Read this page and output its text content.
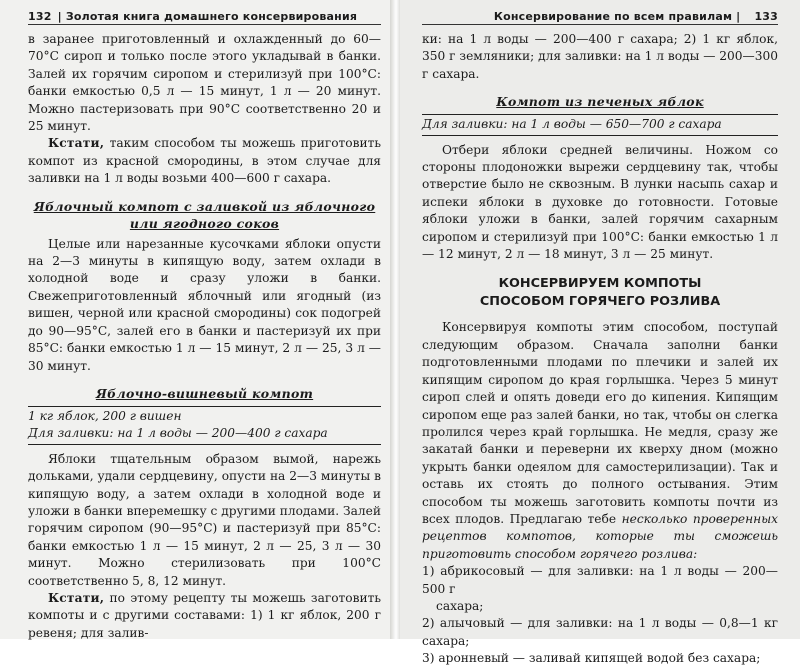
132 | Золотая книга домашнего консервирования

в заранее приготовленный и охлажденный до 60—70°С сироп и только после этого укладывай в банки. Залей их горячим сиропом и стерилизуй при 100°С: банки емкостью 0,5 л — 15 минут, 1 л — 20 минут. Можно пастеризовать при 90°С соответственно 20 и 25 минут.

Кстати, таким способом ты можешь приготовить компот из красной смородины, в этом случае для заливки на 1 л воды возьми 400—600 г сахара.

Яблочный компот с заливкой из яблочного или ягодного соков

Целые или нарезанные кусочками яблоки опусти на 2—3 минуты в кипящую воду, затем охлади в холодной воде и сразу уложи в банки. Свежеприготовленный яблочный или ягодный (из вишен, черной или красной смородины) сок подогрей до 90—95°С, залей его в банки и пастеризуй их при 85°С: банки емкостью 1 л — 15 минут, 2 л — 25, 3 л — 30 минут.

Яблочно-вишневый компот

1 кг яблок, 200 г вишен

Для заливки: на 1 л воды — 200—400 г сахара

Яблоки тщательным образом вымой, нарежь дольками, удали сердцевину, опусти на 2—3 минуты в кипящую воду, а затем охлади в холодной воде и уложи в банки вперемешку с другими плодами. Залей горячим сиропом (90—95°С) и пастеризуй при 85°С: банки емкостью 1 л — 15 минут, 2 л — 25, 3 л — 30 минут. Можно стерилизовать при 100°С соответственно 5, 8, 12 минут.

Кстати, по этому рецепту ты можешь заготовить компоты и с другими составами: 1) 1 кг яблок, 200 г ревеня; для залив-

Консервирование по всем правилам | 133

ки: на 1 л воды — 200—400 г сахара; 2) 1 кг яблок, 350 г земляники; для заливки: на 1 л воды — 200—300 г сахара.

Компот из печеных яблок

Для заливки: на 1 л воды — 650—700 г сахара

Отбери яблоки средней величины. Ножом со стороны плодоножки вырежи сердцевину так, чтобы отверстие было не сквозным. В лунки насыпь сахар и испеки яблоки в духовке до готовности. Готовые яблоки уложи в банки, залей горячим сахарным сиропом и стерилизуй при 100°С: банки емкостью 1 л — 12 минут, 2 л — 18 минут, 3 л — 25 минут.

КОНСЕРВИРУЕМ КОМПОТЫ
СПОСОБОМ ГОРЯЧЕГО РОЗЛИВА

Консервируя компоты этим способом, поступай следующим образом. Сначала заполни банки подготовленными плодами по плечики и залей их кипящим сиропом до края горлышка. Через 5 минут сироп слей и опять доведи его до кипения. Кипящим сиропом еще раз залей банки, но так, чтобы он слегка пролился через край горлышка. Не медля, сразу же закатай банки и переверни их кверху дном (можно укрыть банки одеялом для самостерилизации). Так и оставь их стоять до полного остывания. Этим способом ты можешь заготовить компоты почти из всех плодов. Предлагаю тебе несколько проверенных рецептов компотов, которые ты сможешь приготовить способом горячего розлива:

1) абрикосовый — для заливки: на 1 л воды — 200—500 г
сахара;

2) алычовый — для заливки: на 1 л воды — 0,8—1 кг сахара;

3) аронневый — заливай кипящей водой без сахара;
